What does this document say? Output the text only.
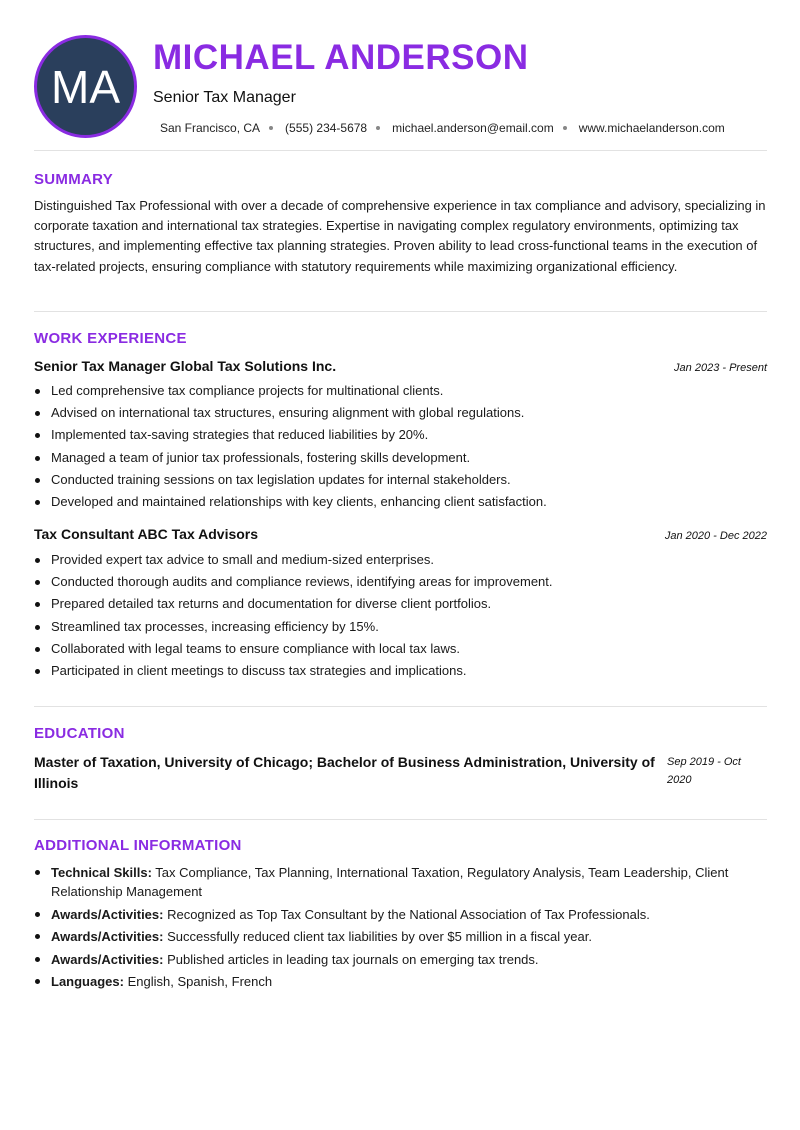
MA
MICHAEL ANDERSON
Senior Tax Manager
San Francisco, CA (555) 234-5678 michael.anderson@email.com www.michaelanderson.com
SUMMARY
Distinguished Tax Professional with over a decade of comprehensive experience in tax compliance and advisory, specializing in corporate taxation and international tax strategies. Expertise in navigating complex regulatory environments, optimizing tax structures, and implementing effective tax planning strategies. Proven ability to lead cross-functional teams in the execution of tax-related projects, ensuring compliance with statutory requirements while maximizing organizational efficiency.
WORK EXPERIENCE
Senior Tax Manager Global Tax Solutions Inc.	Jan 2023 - Present
Led comprehensive tax compliance projects for multinational clients.
Advised on international tax structures, ensuring alignment with global regulations.
Implemented tax-saving strategies that reduced liabilities by 20%.
Managed a team of junior tax professionals, fostering skills development.
Conducted training sessions on tax legislation updates for internal stakeholders.
Developed and maintained relationships with key clients, enhancing client satisfaction.
Tax Consultant ABC Tax Advisors	Jan 2020 - Dec 2022
Provided expert tax advice to small and medium-sized enterprises.
Conducted thorough audits and compliance reviews, identifying areas for improvement.
Prepared detailed tax returns and documentation for diverse client portfolios.
Streamlined tax processes, increasing efficiency by 15%.
Collaborated with legal teams to ensure compliance with local tax laws.
Participated in client meetings to discuss tax strategies and implications.
EDUCATION
Master of Taxation, University of Chicago; Bachelor of Business Administration, University of Illinois
Sep 2019 - Oct 2020
ADDITIONAL INFORMATION
Technical Skills: Tax Compliance, Tax Planning, International Taxation, Regulatory Analysis, Team Leadership, Client Relationship Management
Awards/Activities: Recognized as Top Tax Consultant by the National Association of Tax Professionals.
Awards/Activities: Successfully reduced client tax liabilities by over $5 million in a fiscal year.
Awards/Activities: Published articles in leading tax journals on emerging tax trends.
Languages: English, Spanish, French
